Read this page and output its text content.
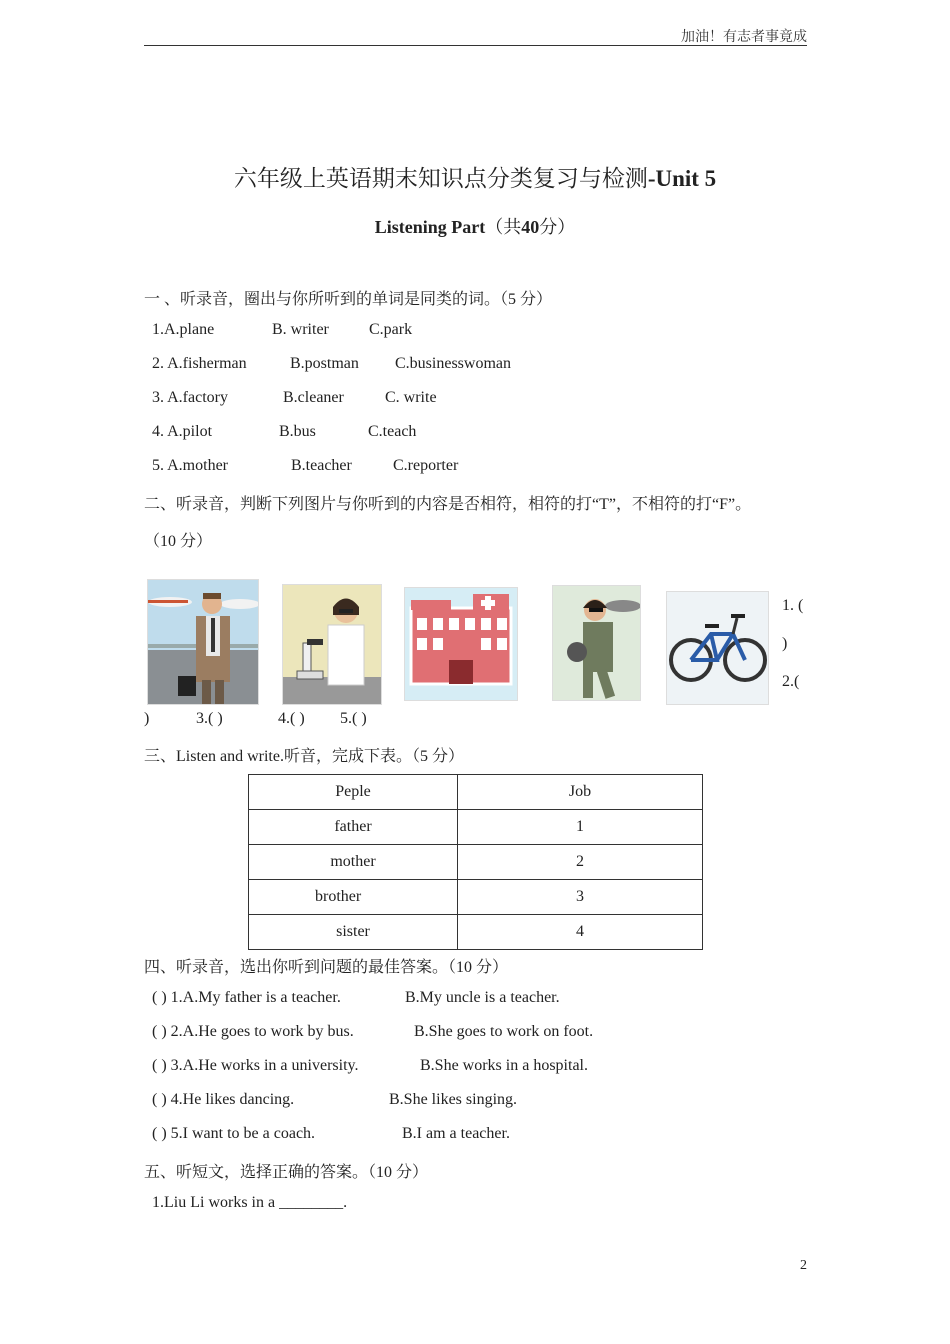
加油！有志者事竟成
六年级上英语期末知识点分类复习与检测-Unit 5
Listening Part（共40分）
一 、听录音，圈出与你所听到的单词是同类的词。（5 分）
1.A.plane	B. writer	C.park
2. A.fisherman	B.postman C.businesswoman
3. A.factory	B.cleaner	C. write
4. A.pilot	B.bus	C.teach
5. A.mother	B.teacher	C.reporter
二、听录音，判断下列图片与你听到的内容是否相符，相符的打“T”，不相符的打“F”。
（10 分）
1. (
)
2.(
)	3.( )	4.( ) 5.( )
三、Listen and write.听音，完成下表。（5 分）
Peple	Job
father	1
mother	2
brother	3
sister	4
四、听录音，选出你听到问题的最佳答案。（10 分）
( ) 1.A.My father is a teacher.	B.My uncle is a teacher.
( ) 2.A.He goes to work by bus.	B.She goes to work on foot.
( ) 3.A.He works in a university.	B.She works in a hospital.
( ) 4.He likes dancing.	B.She likes singing.
( ) 5.I want to be a coach.	B.I am a teacher.
五、听短文，选择正确的答案。（10 分）
1.Liu Li works in a ________.
2
